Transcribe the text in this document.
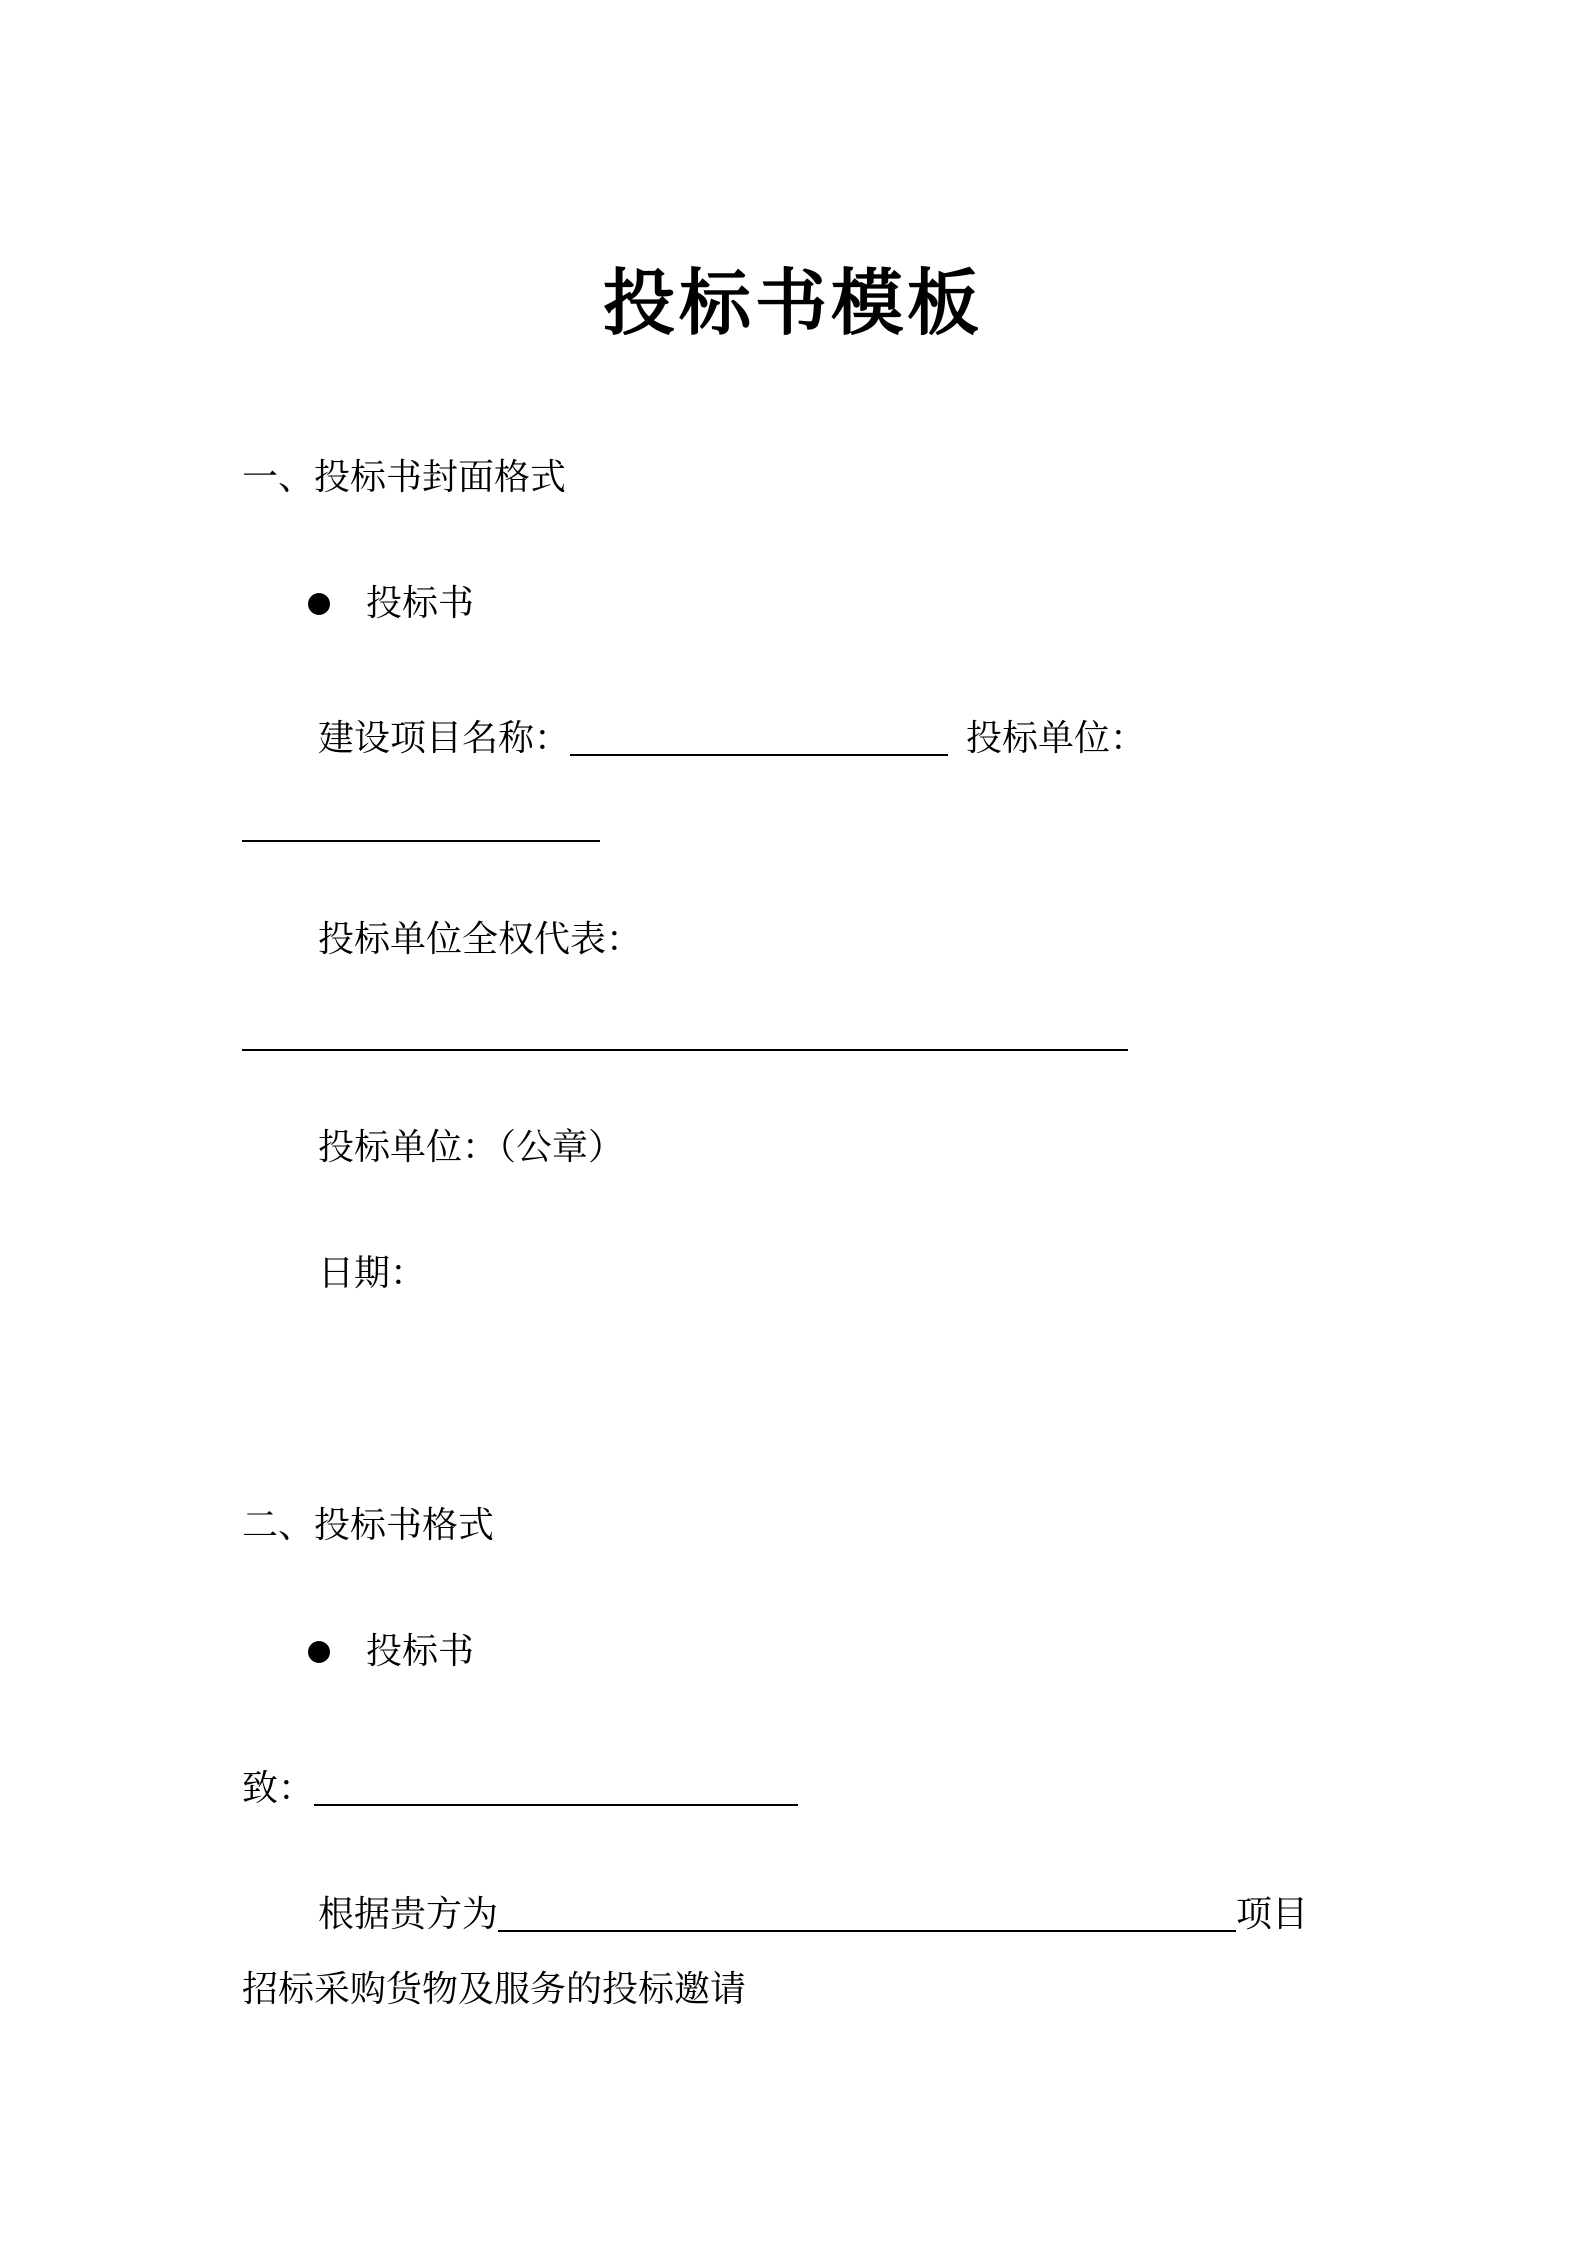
投标书模板
一、投标书封面格式
投标书
建设项目名称：	投标单位：
投标单位全权代表：
投标单位：（公章）
日期：
二、投标书格式
投标书
致：
根据贵方为	项目
招标采购货物及服务的投标邀请
